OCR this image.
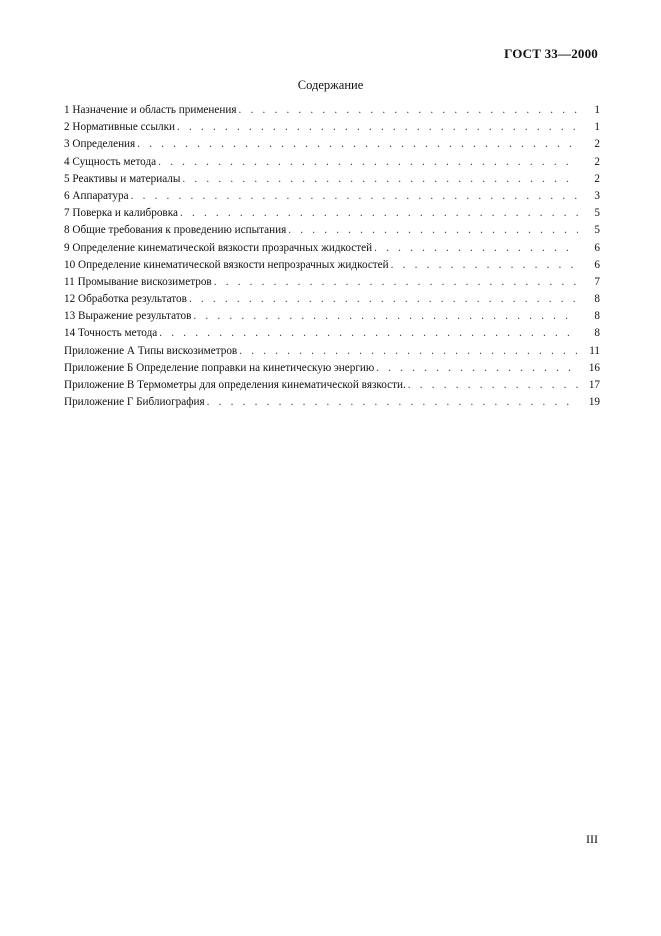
ГОСТ 33—2000
Содержание
1 Назначение и область применения . . .	1
2 Нормативные ссылки . . .	1
3 Определения . . .	2
4 Сущность метода . . .	2
5 Реактивы и материалы . . .	2
6 Аппаратура . . .	3
7 Поверка и калибровка . . .	5
8 Общие требования к проведению испытания . . .	5
9 Определение кинематической вязкости прозрачных жидкостей . . .	6
10 Определение кинематической вязкости непрозрачных жидкостей . . .	6
11 Промывание вискозиметров . . .	7
12 Обработка результатов . . .	8
13 Выражение результатов . . .	8
14 Точность метода . . .	8
Приложение А Типы вискозиметров . . .	11
Приложение Б Определение поправки на кинетическую энергию . . .	16
Приложение В Термометры для определения кинематической вязкости. . . .	17
Приложение Г Библиография . . .	19
III
